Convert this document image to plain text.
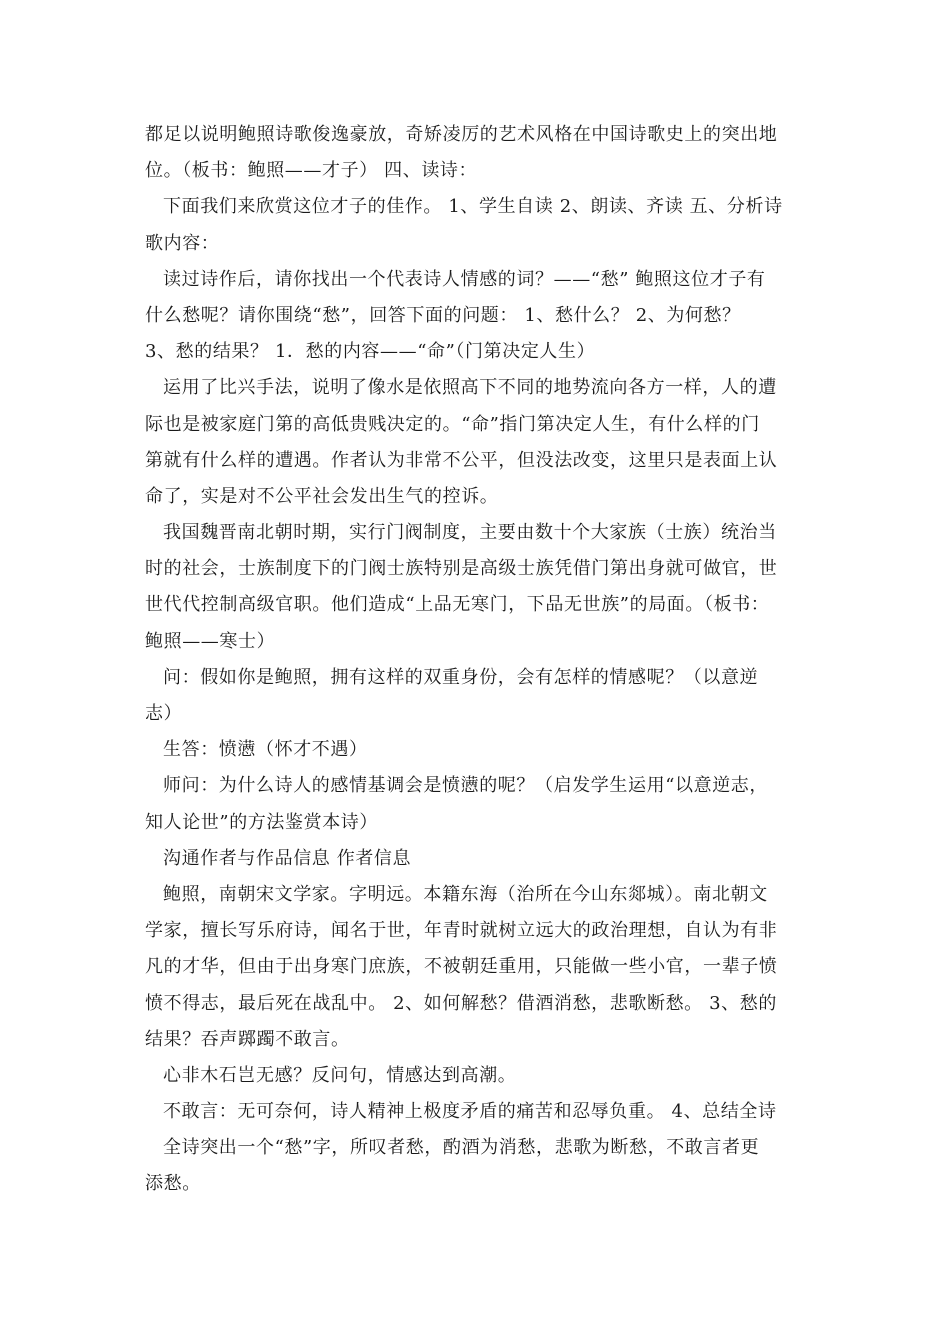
都足以说明鲍照诗歌俊逸豪放，奇矫凌厉的艺术风格在中国诗歌史上的突出地
位。（板书：鲍照——才子） 四、读诗：
下面我们来欣赏这位才子的佳作。 1、学生自读 2、朗读、齐读 五、分析诗
歌内容：
读过诗作后，请你找出一个代表诗人情感的词？——“愁” 鲍照这位才子有
什么愁呢？请你围绕“愁”，回答下面的问题： 1、愁什么？ 2、为何愁？
3、愁的结果？ 1．愁的内容——“命”（门第决定人生）
运用了比兴手法，说明了像水是依照高下不同的地势流向各方一样，人的遭
际也是被家庭门第的高低贵贱决定的。“命”指门第决定人生，有什么样的门
第就有什么样的遭遇。作者认为非常不公平，但没法改变，这里只是表面上认
命了，实是对不公平社会发出生气的控诉。
我国魏晋南北朝时期，实行门阀制度，主要由数十个大家族（士族）统治当
时的社会，士族制度下的门阀士族特别是高级士族凭借门第出身就可做官，世
世代代控制高级官职。他们造成“上品无寒门，下品无世族”的局面。（板书：
鲍照——寒士）
问：假如你是鲍照，拥有这样的双重身份，会有怎样的情感呢？（以意逆
志）
生答：愤懑（怀才不遇）
师问：为什么诗人的感情基调会是愤懑的呢？（启发学生运用“以意逆志，
知人论世”的方法鉴赏本诗）
沟通作者与作品信息 作者信息
鲍照，南朝宋文学家。字明远。本籍东海（治所在今山东郯城）。南北朝文
学家，擅长写乐府诗，闻名于世，年青时就树立远大的政治理想，自认为有非
凡的才华，但由于出身寒门庶族，不被朝廷重用，只能做一些小官，一辈子愤
愤不得志，最后死在战乱中。 2、如何解愁？借酒消愁，悲歌断愁。 3、愁的
结果？吞声踯躅不敢言。
心非木石岂无感？反问句，情感达到高潮。
不敢言：无可奈何，诗人精神上极度矛盾的痛苦和忍辱负重。 4、总结全诗
全诗突出一个“愁”字，所叹者愁，酌酒为消愁，悲歌为断愁，不敢言者更
添愁。
